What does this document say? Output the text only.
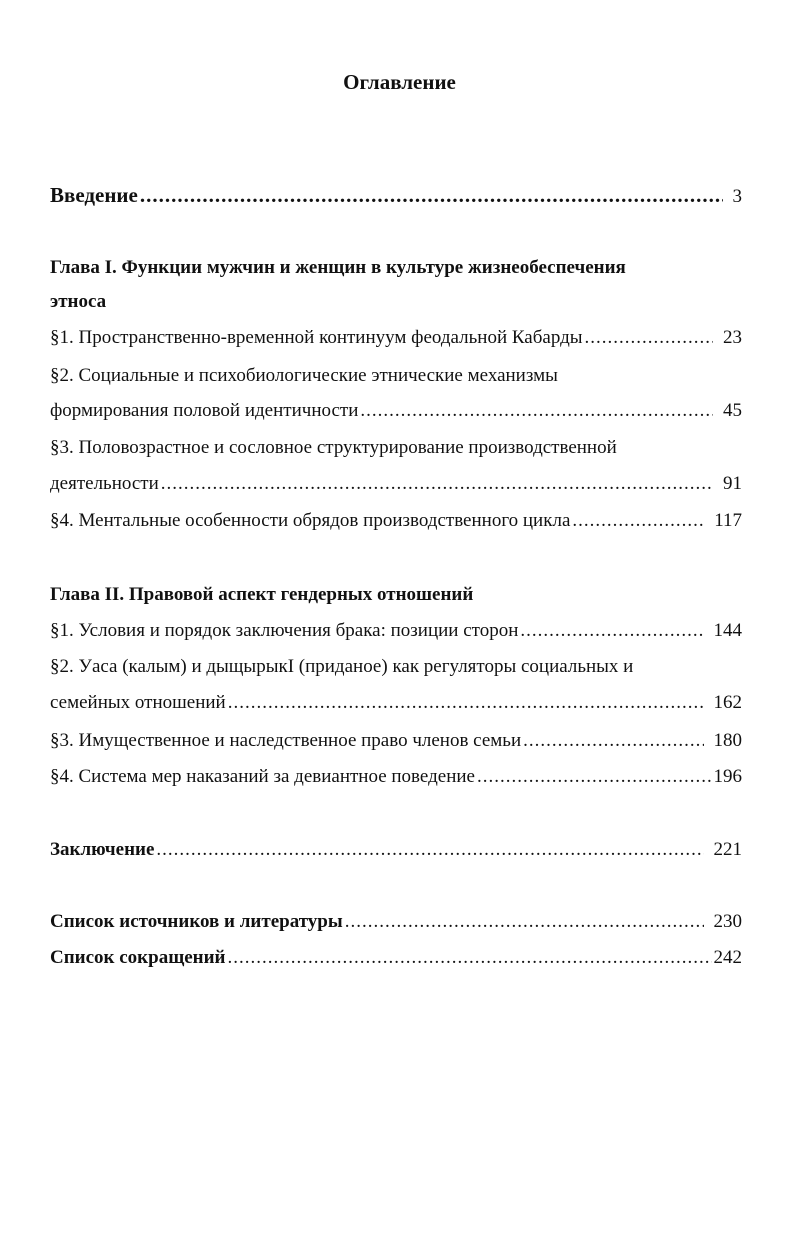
Оглавление
Введение .....	3
Глава I. Функции мужчин и женщин в культуре жизнеобеспечения
этноса
§1. Пространственно-временной континуум феодальной Кабарды .....	23
§2. Социальные и психобиологические этнические механизмы
формирования половой идентичности .....	45
§3. Половозрастное и сословное структурирование производственной
деятельности .....	91
§4. Ментальные особенности обрядов производственного цикла .....	117
Глава II. Правовой аспект гендерных отношений
§1. Условия и порядок заключения брака: позиции сторон .....	144
§2. Уаса (калым) и дыщырыкI (приданое) как регуляторы социальных и
семейных отношений .....	162
§3. Имущественное и наследственное право членов семьи .....	180
§4. Система мер наказаний за девиантное поведение .....	196
Заключение .....	221
Список источников и литературы .....	230
Список сокращений .....	242
